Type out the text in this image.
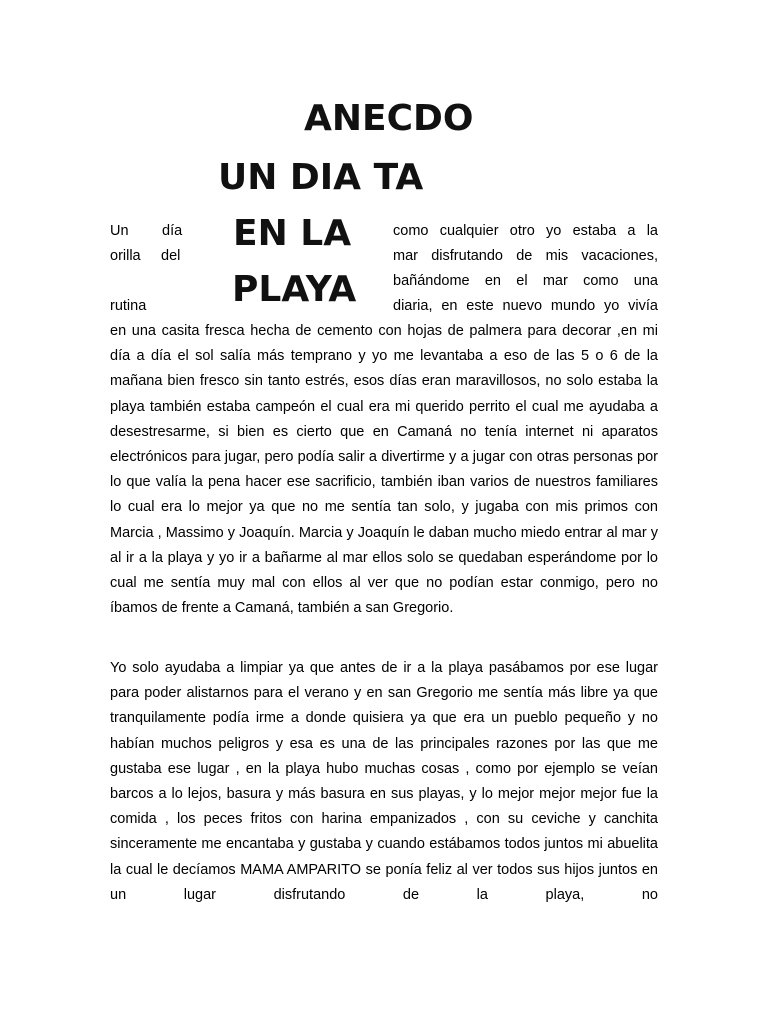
ANECDO
UN DIA TA
EN LA
PLAYA
Un día
orilla del
rutina
como cualquier otro yo estaba a la
mar disfrutando de mis vacaciones,
bañándome en el mar como una
diaria, en este nuevo mundo yo vivía

en una casita fresca hecha de cemento con hojas de palmera para decorar ,en mi día a día el sol salía más temprano y yo me levantaba a eso de las 5 o 6 de la mañana bien fresco sin tanto estrés, esos días eran maravillosos, no solo estaba la playa también estaba campeón el cual era mi querido perrito el cual me ayudaba a desestresarme, si bien es cierto que en Camaná no tenía internet ni aparatos electrónicos para jugar, pero podía salir a divertirme y a jugar con otras personas por lo que valía la pena hacer ese sacrificio, también iban varios de nuestros familiares lo cual era lo mejor ya que no me sentía tan solo, y jugaba con mis primos con Marcia , Massimo y Joaquín. Marcia y Joaquín le daban mucho miedo entrar al mar y al ir a la playa y yo ir a bañarme al mar ellos solo se quedaban esperándome por lo cual me sentía muy mal con ellos al ver que no podían estar conmigo, pero no íbamos de frente a Camaná, también a san Gregorio.

Yo solo ayudaba a limpiar ya que antes de ir a la playa pasábamos por ese lugar para poder alistarnos para el verano y en san Gregorio me sentía más libre ya que tranquilamente podía irme a donde quisiera ya que era un pueblo pequeño y no habían muchos peligros y esa es una de las principales razones por las que me gustaba ese lugar , en la playa hubo muchas cosas , como por ejemplo se veían barcos a lo lejos, basura y más basura en sus playas, y lo mejor mejor mejor fue la comida , los peces fritos con harina empanizados , con su ceviche y canchita sinceramente me encantaba y gustaba y cuando estábamos todos juntos mi abuelita la cual le decíamos MAMA AMPARITO se ponía feliz al ver todos sus hijos juntos en un lugar disfrutando de la playa, no
